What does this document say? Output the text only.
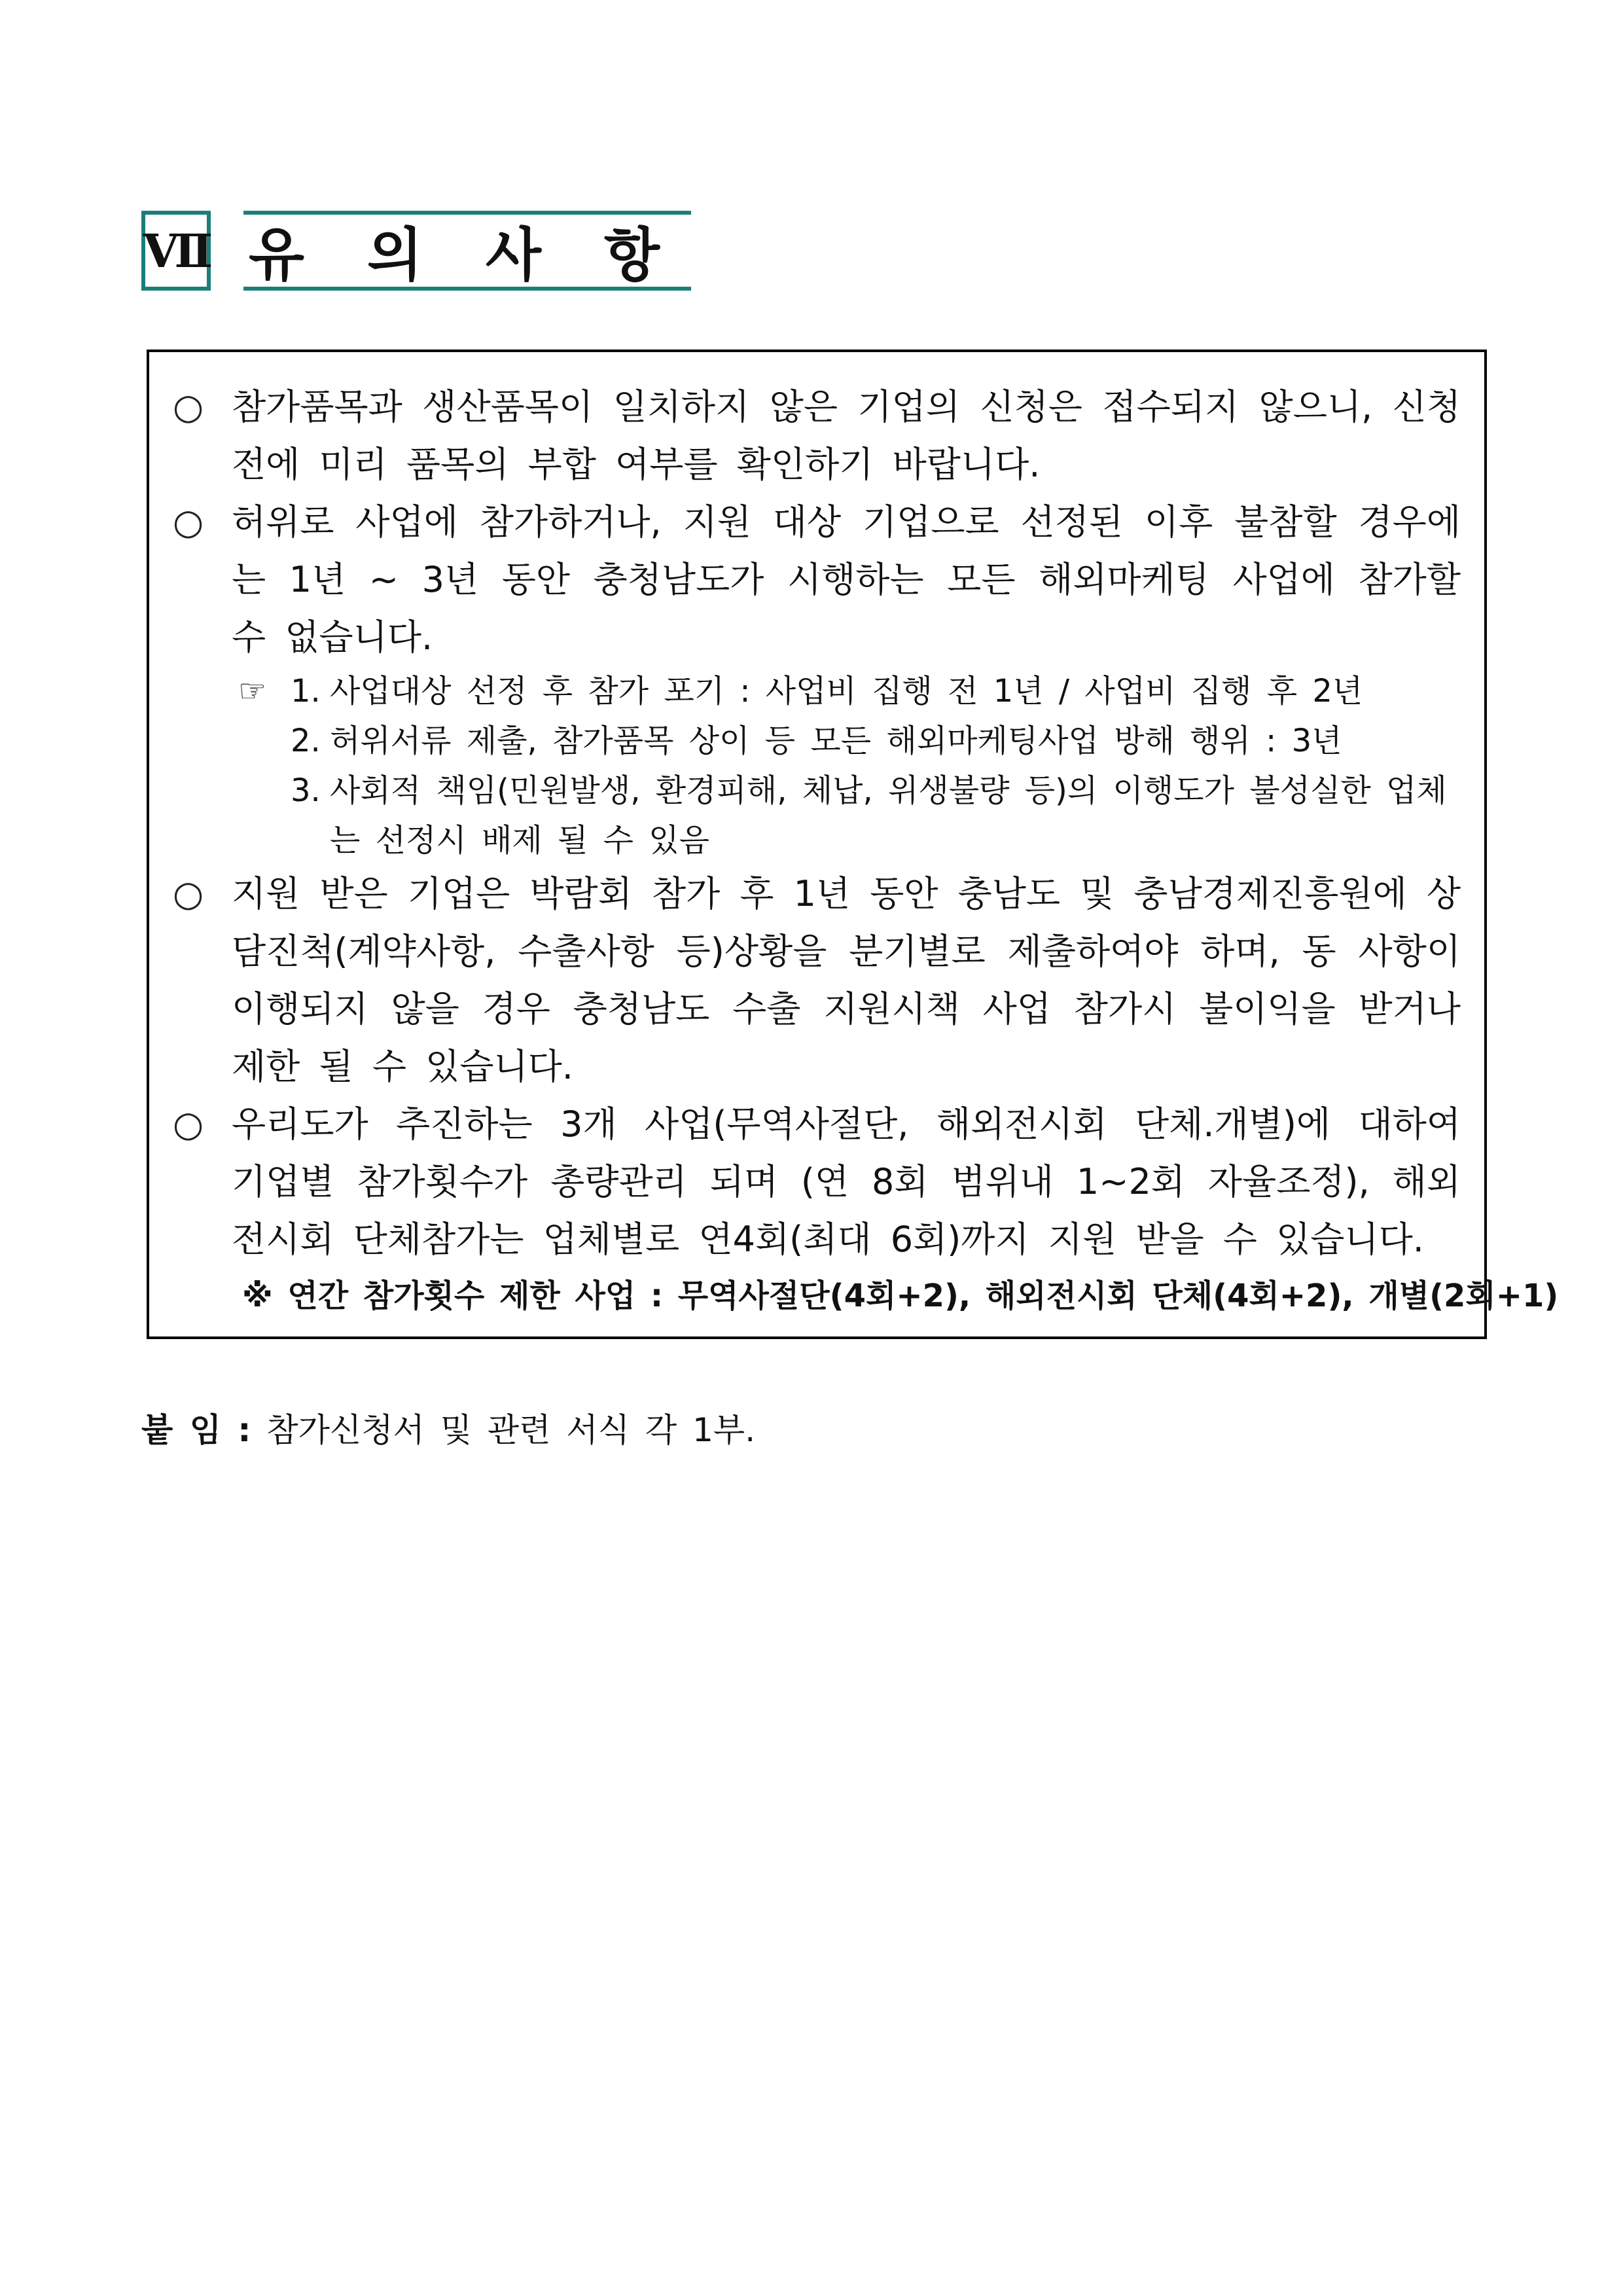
Ⅶ 유의사항
○ 참가품목과 생산품목이 일치하지 않은 기업의 신청은 접수되지 않으니, 신청 전에 미리 품목의 부합 여부를 확인하기 바랍니다.
○ 허위로 사업에 참가하거나, 지원 대상 기업으로 선정된 이후 불참할 경우에는 1년 ~ 3년 동안 충청남도가 시행하는 모든 해외마케팅 사업에 참가할 수 없습니다.
☞ 1. 사업대상 선정 후 참가 포기 : 사업비 집행 전 1년 / 사업비 집행 후 2년
2. 허위서류 제출, 참가품목 상이 등 모든 해외마케팅사업 방해 행위 : 3년
3. 사회적 책임(민원발생, 환경피해, 체납, 위생불량 등)의 이행도가 불성실한 업체는 선정시 배제 될 수 있음
○ 지원 받은 기업은 박람회 참가 후 1년 동안 충남도 및 충남경제진흥원에 상담진척(계약사항, 수출사항 등)상황을 분기별로 제출하여야 하며, 동 사항이 이행되지 않을 경우 충청남도 수출 지원시책 사업 참가시 불이익을 받거나 제한 될 수 있습니다.
○ 우리도가 추진하는 3개 사업(무역사절단, 해외전시회 단체.개별)에 대하여 기업별 참가횟수가 총량관리 되며 (연 8회 범위내 1~2회 자율조정), 해외전시회 단체참가는 업체별로 연4회(최대 6회)까지 지원 받을 수 있습니다.
※ 연간 참가횟수 제한 사업 : 무역사절단(4회+2), 해외전시회 단체(4회+2), 개별(2회+1)
붙 임 : 참가신청서 및 관련 서식 각 1부.
